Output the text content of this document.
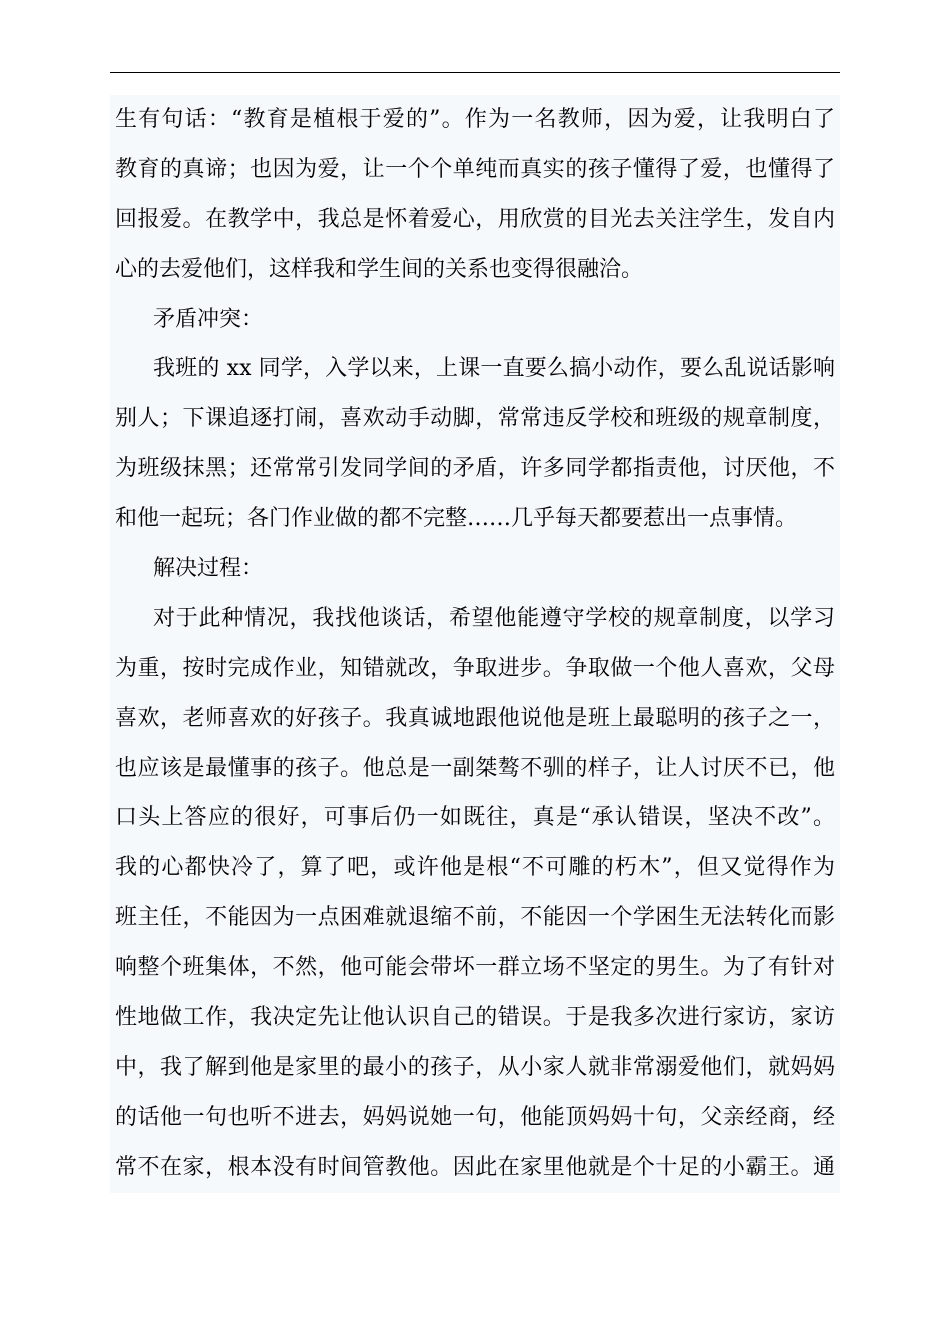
生有句话：“教育是植根于爱的”。作为一名教师，因为爱，让我明白了
教育的真谛；也因为爱，让一个个单纯而真实的孩子懂得了爱，也懂得了
回报爱。在教学中，我总是怀着爱心，用欣赏的目光去关注学生，发自内
心的去爱他们，这样我和学生间的关系也变得很融洽。
矛盾冲突：
我班的 xx 同学，入学以来，上课一直要么搞小动作，要么乱说话影响
别人；下课追逐打闹，喜欢动手动脚，常常违反学校和班级的规章制度，
为班级抹黑；还常常引发同学间的矛盾，许多同学都指责他，讨厌他，不
和他一起玩；各门作业做的都不完整……几乎每天都要惹出一点事情。
解决过程：
对于此种情况，我找他谈话，希望他能遵守学校的规章制度，以学习
为重，按时完成作业，知错就改，争取进步。争取做一个他人喜欢，父母
喜欢，老师喜欢的好孩子。我真诚地跟他说他是班上最聪明的孩子之一，
也应该是最懂事的孩子。他总是一副桀骜不驯的样子，让人讨厌不已，他
口头上答应的很好，可事后仍一如既往，真是“承认错误，坚决不改”。
我的心都快冷了，算了吧，或许他是根“不可雕的朽木”，但又觉得作为
班主任，不能因为一点困难就退缩不前，不能因一个学困生无法转化而影
响整个班集体，不然，他可能会带坏一群立场不坚定的男生。为了有针对
性地做工作，我决定先让他认识自己的错误。于是我多次进行家访，家访
中，我了解到他是家里的最小的孩子，从小家人就非常溺爱他们，就妈妈
的话他一句也听不进去，妈妈说她一句，他能顶妈妈十句，父亲经商，经
常不在家，根本没有时间管教他。因此在家里他就是个十足的小霸王。通
